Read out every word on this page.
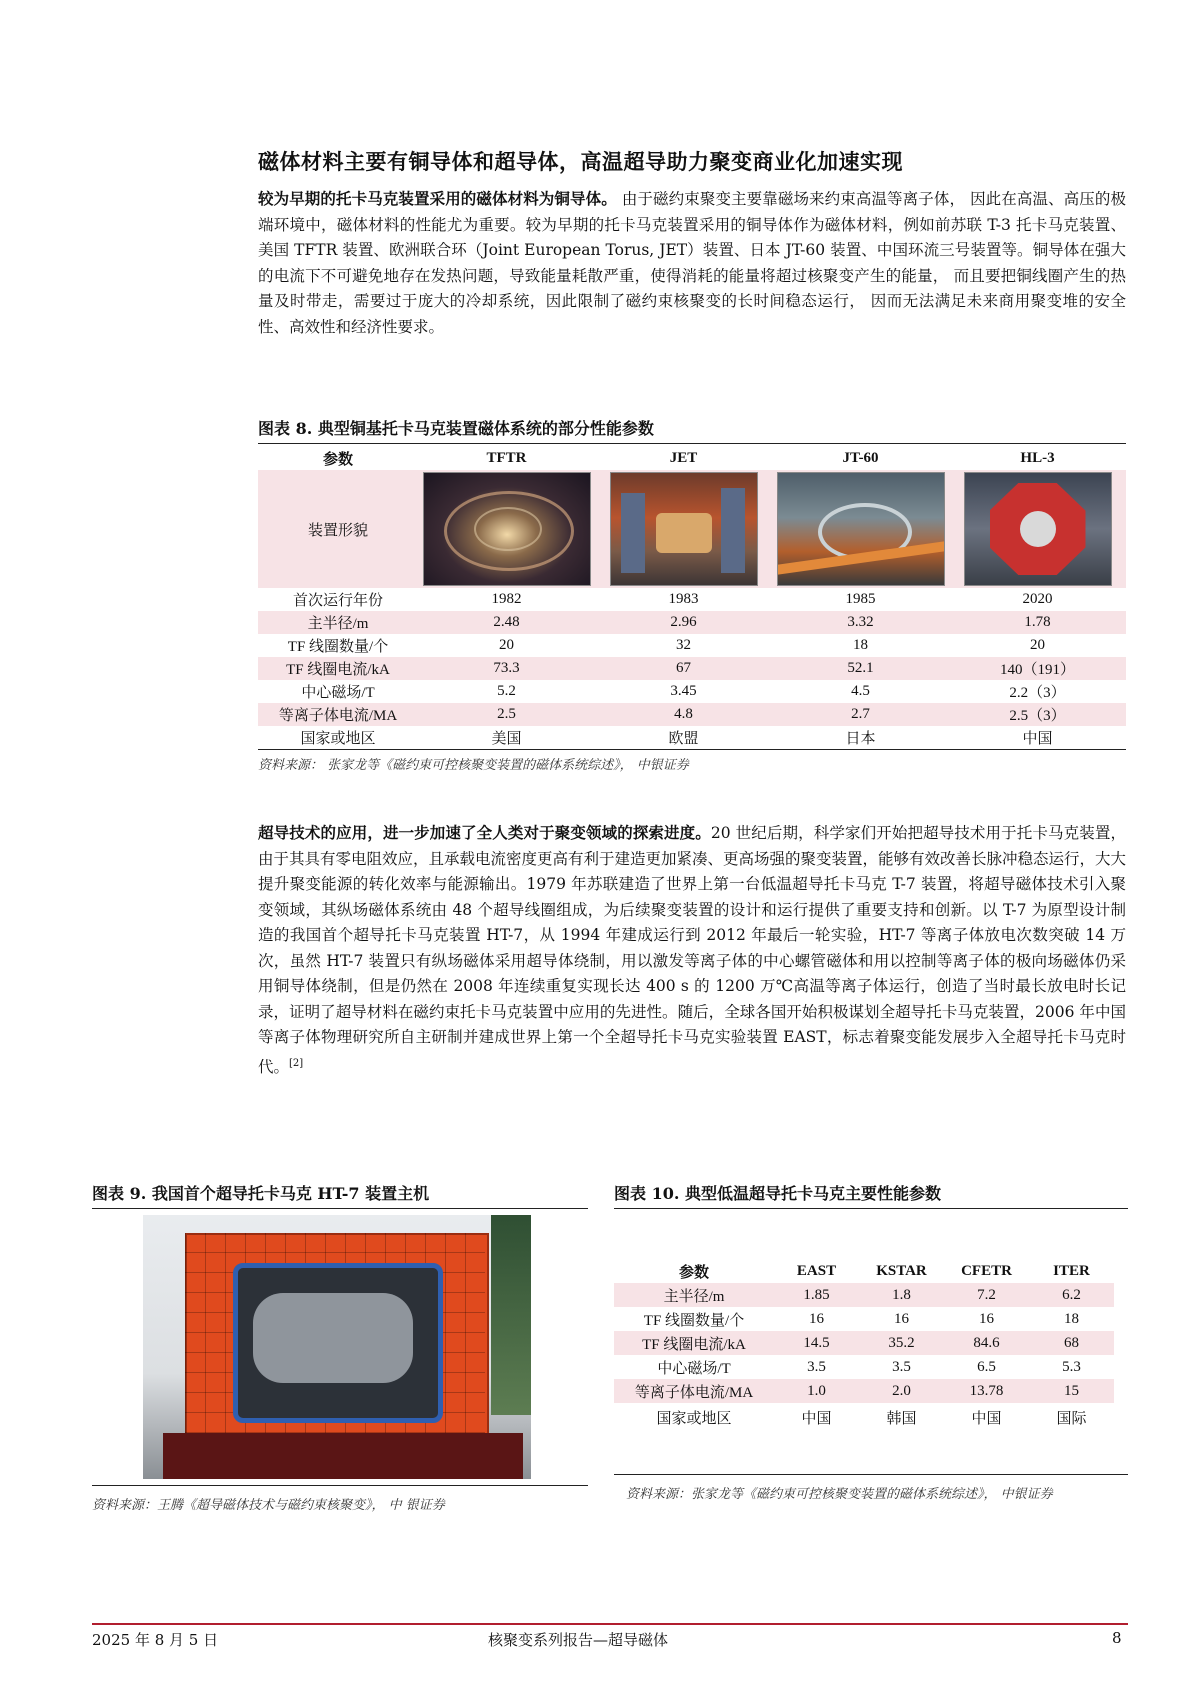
磁体材料主要有铜导体和超导体，高温超导助力聚变商业化加速实现

较为早期的托卡马克装置采用的磁体材料为铜导体。 由于磁约束聚变主要靠磁场来约束高温等离子体， 因此在高温、高压的极端环境中，磁体材料的性能尤为重要。较为早期的托卡马克装置采用的铜导体作为磁体材料，例如前苏联 T-3 托卡马克装置、美国 TFTR 装置、欧洲联合环（Joint European Torus, JET）装置、日本 JT-60 装置、中国环流三号装置等。铜导体在强大的电流下不可避免地存在发热问题，导致能量耗散严重，使得消耗的能量将超过核聚变产生的能量， 而且要把铜线圈产生的热量及时带走，需要过于庞大的冷却系统，因此限制了磁约束核聚变的长时间稳态运行， 因而无法满足未来商用聚变堆的安全性、高效性和经济性要求。

图表 8. 典型铜基托卡马克装置磁体系统的部分性能参数

参数	TFTR	JET	JT-60	HL-3
装置形貌	

首次运行年份	1982	1983	1985	2020
主半径/m	2.48	2.96	3.32	1.78
TF 线圈数量/个	20	32	18	20
TF 线圈电流/kA	73.3	67	52.1	140（191）
中心磁场/T	5.2	3.45	4.5	2.2（3）
等离子体电流/MA	2.5	4.8	2.7	2.5（3）
国家或地区	美国	欧盟	日本	中国

资料来源： 张家龙等《磁约束可控核聚变装置的磁体系统综述》， 中银证券

超导技术的应用，进一步加速了全人类对于聚变领域的探索进度。20 世纪后期，科学家们开始把超导技术用于托卡马克装置，由于其具有零电阻效应，且承载电流密度更高有利于建造更加紧凑、更高场强的聚变装置，能够有效改善长脉冲稳态运行，大大提升聚变能源的转化效率与能源输出。1979 年苏联建造了世界上第一台低温超导托卡马克 T-7 装置，将超导磁体技术引入聚变领域，其纵场磁体系统由 48 个超导线圈组成，为后续聚变装置的设计和运行提供了重要支持和创新。以 T-7 为原型设计制造的我国首个超导托卡马克装置 HT-7，从 1994 年建成运行到 2012 年最后一轮实验，HT-7 等离子体放电次数突破 14 万次，虽然 HT-7 装置只有纵场磁体采用超导体绕制，用以激发等离子体的中心螺管磁体和用以控制等离子体的极向场磁体仍采用铜导体绕制，但是仍然在 2008 年连续重复实现长达 400 s 的 1200 万℃高温等离子体运行，创造了当时最长放电时长记录，证明了超导材料在磁约束托卡马克装置中应用的先进性。随后，全球各国开始积极谋划全超导托卡马克装置，2006 年中国等离子体物理研究所自主研制并建成世界上第一个全超导托卡马克实验装置 EAST，标志着聚变能发展步入全超导托卡马克时代。[2]

图表 9. 我国首个超导托卡马克 HT-7 装置主机

资料来源：王腾《超导磁体技术与磁约束核聚变》， 中 银证券

图表 10. 典型低温超导托卡马克主要性能参数

参数	EAST	KSTAR	CFETR	ITER
主半径/m	1.85	1.8	7.2	6.2
TF 线圈数量/个	16	16	16	18
TF 线圈电流/kA	14.5	35.2	84.6	68
中心磁场/T	3.5	3.5	6.5	5.3
等离子体电流/MA	1.0	2.0	13.78	15
国家或地区	中国	韩国	中国	国际

资料来源：张家龙等《磁约束可控核聚变装置的磁体系统综述》， 中银证券

2025 年 8 月 5 日	核聚变系列报告—超导磁体	8
